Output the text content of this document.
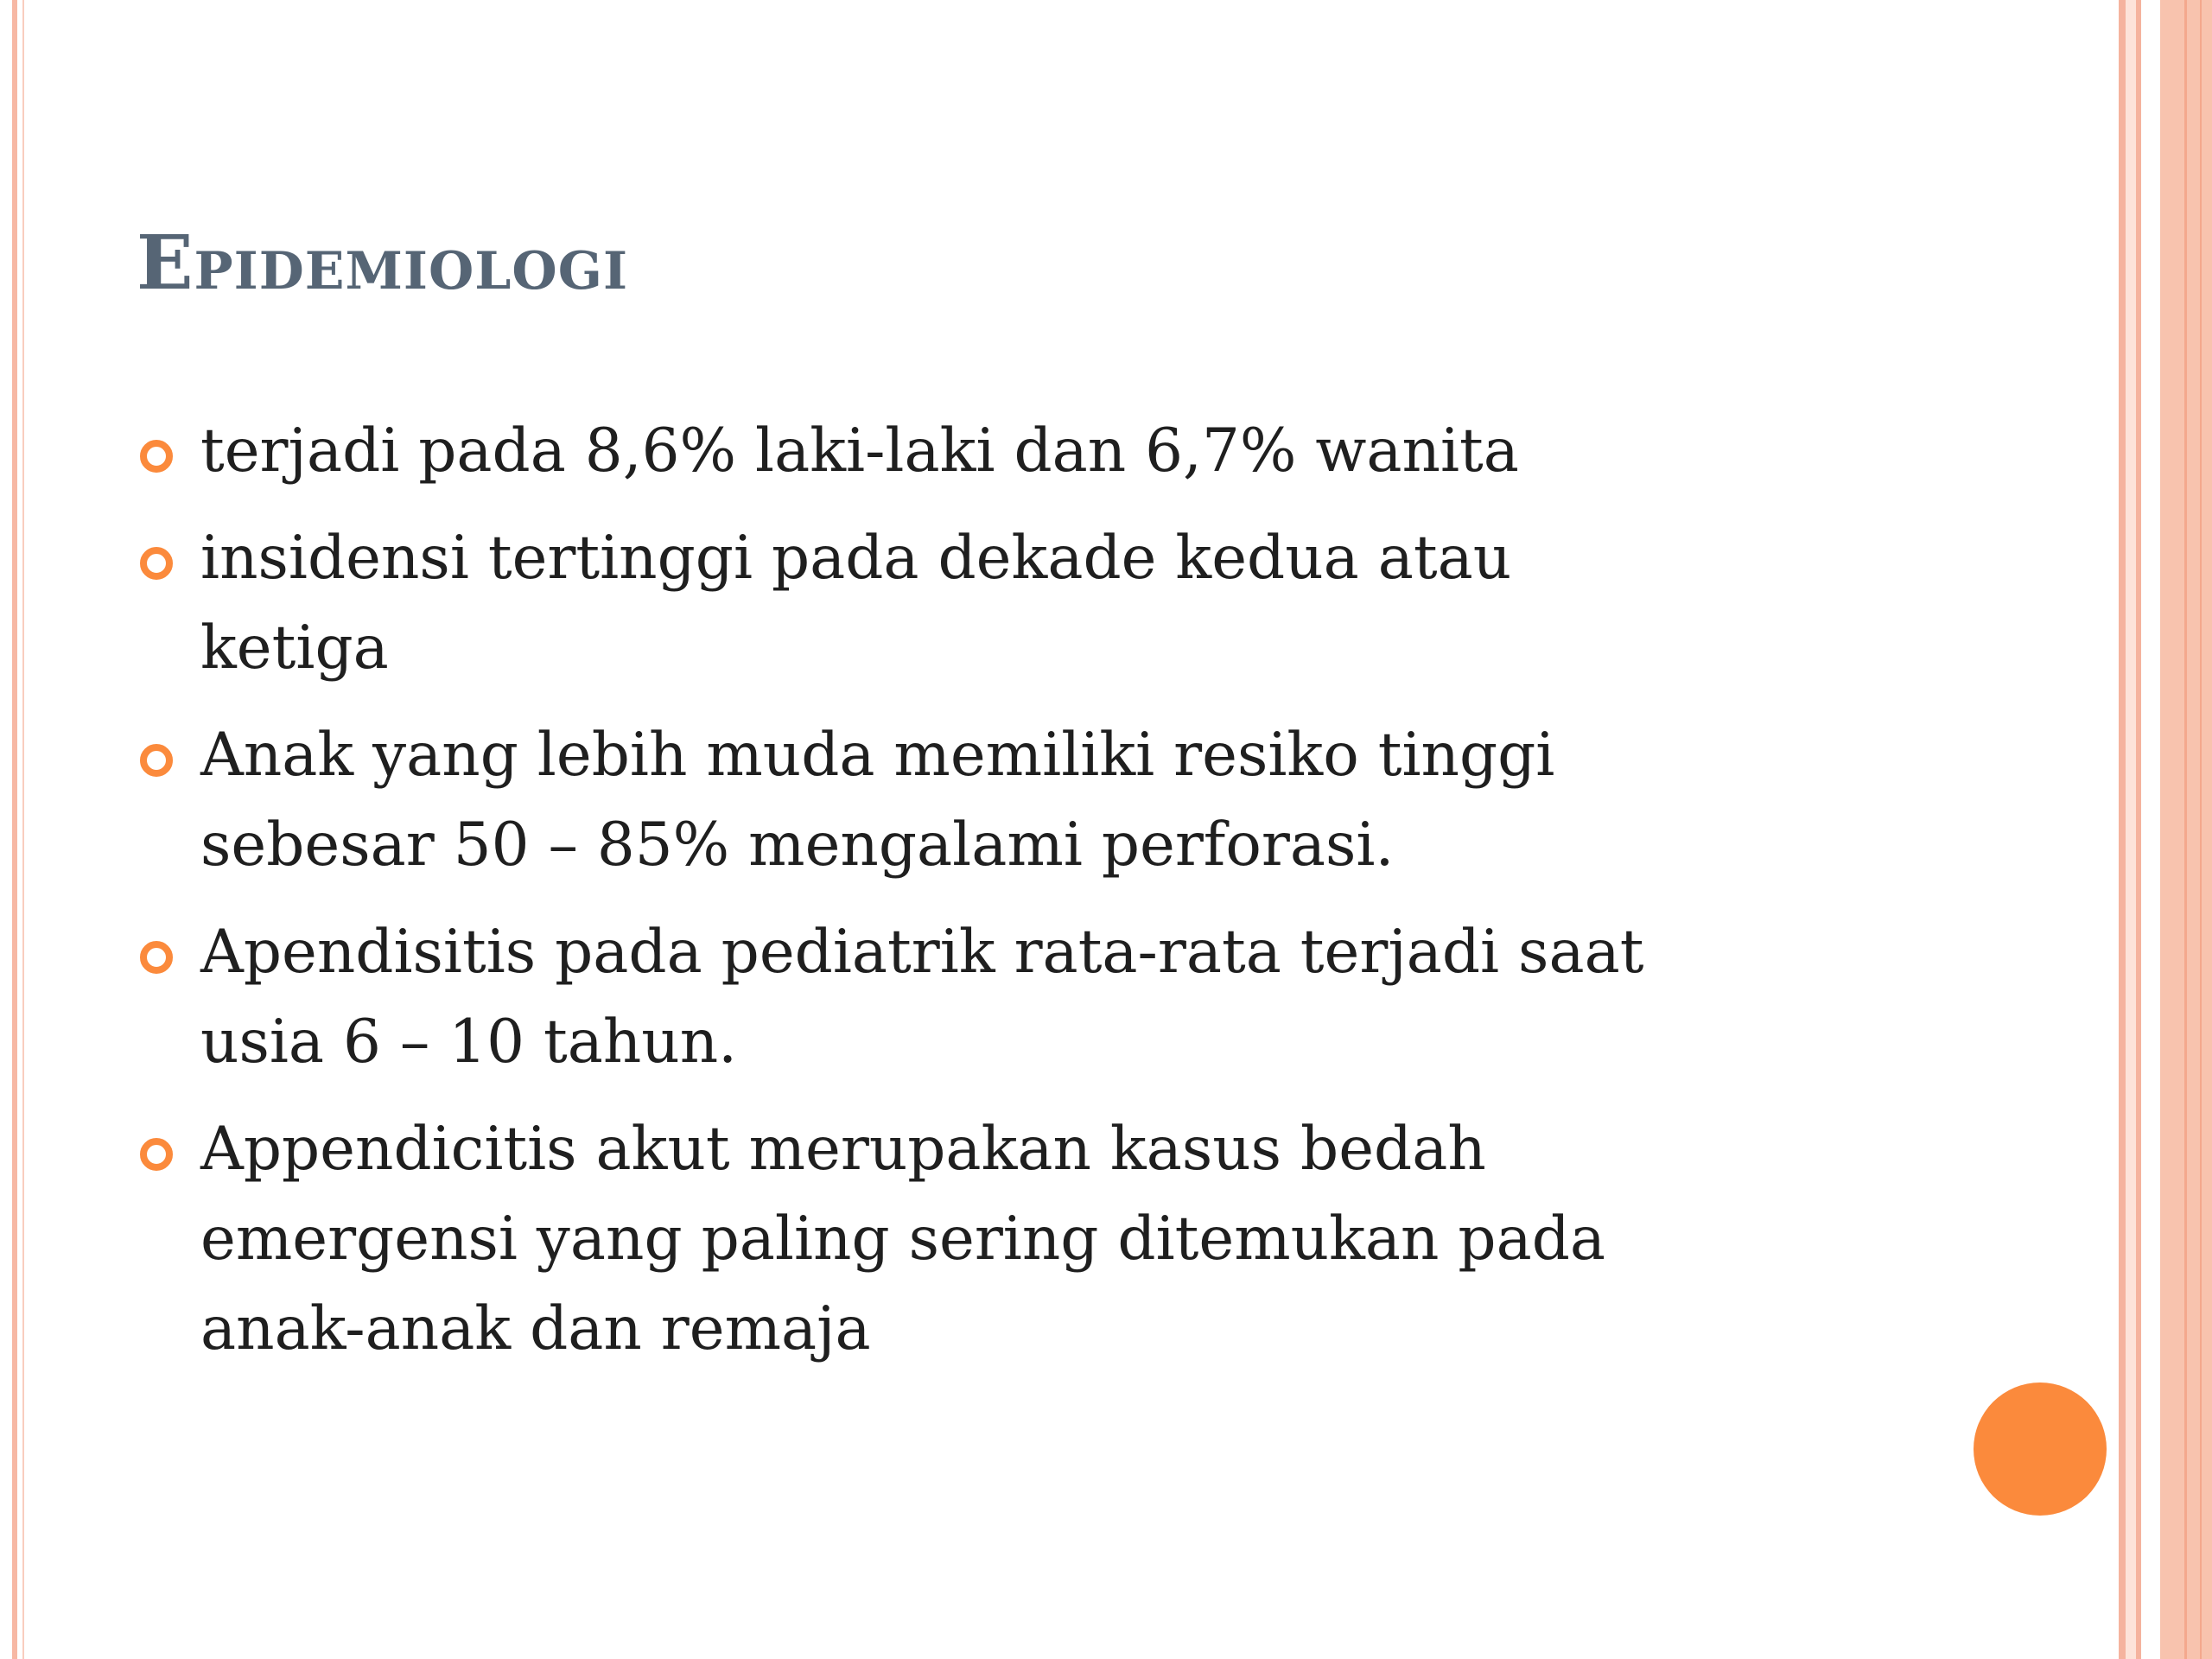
Epidemiologi
terjadi pada 8,6% laki-laki dan 6,7% wanita
insidensi tertinggi pada dekade kedua atau
ketiga
Anak yang lebih muda memiliki resiko tinggi
sebesar 50 – 85% mengalami perforasi.
Apendisitis pada pediatrik rata-rata terjadi saat
usia 6 – 10 tahun.
Appendicitis akut merupakan kasus bedah
emergensi yang paling sering ditemukan pada
anak-anak dan remaja
